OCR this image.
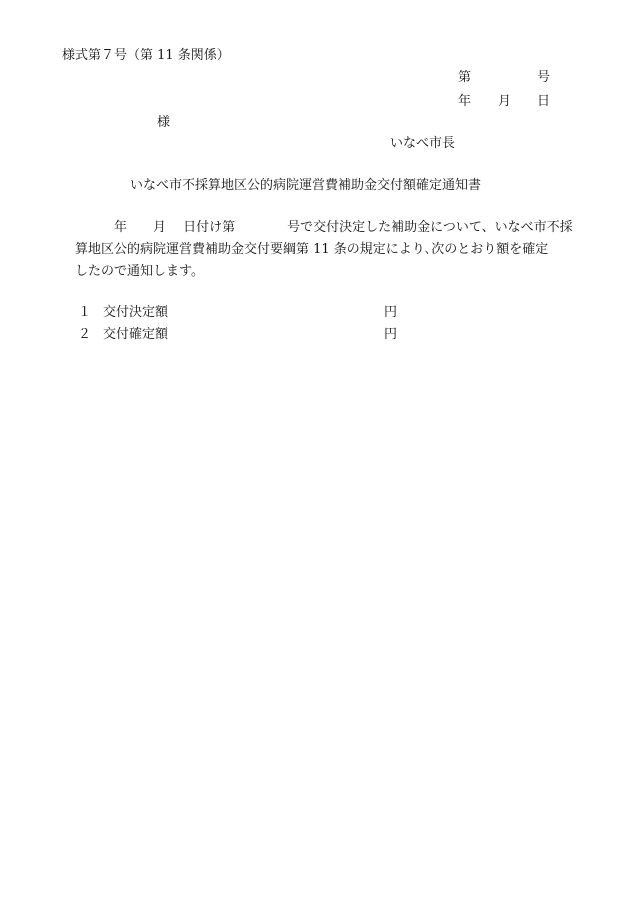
様式第７号（第 11 条関係）
第	号
年 月 日
様
いなべ市長
いなべ市不採算地区公的病院運営費補助金交付額確定通知書
　　　　年　　月　 日付け第　　　　号で交付決定した補助金について、いなべ市不採
　算地区公的病院運営費補助金交付要綱第 11 条の規定により､次のとおり額を確定
　したので通知します。
１ 交付決定額	円
２ 交付確定額	円
